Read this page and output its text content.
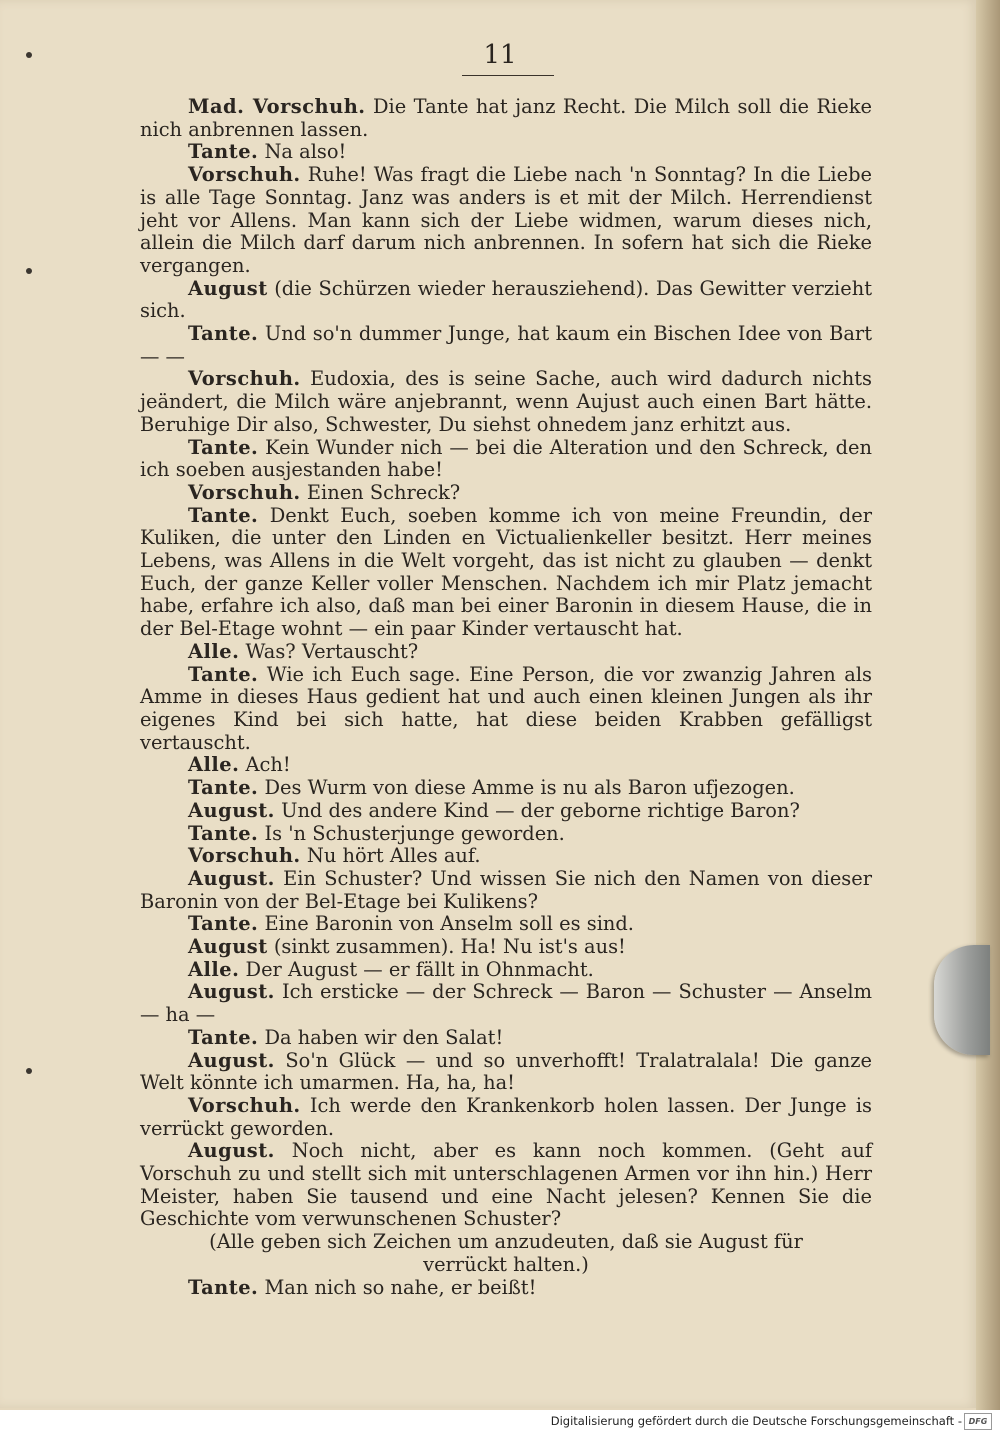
11

Mad. Vorschuh. Die Tante hat janz Recht. Die Milch soll die Rieke nich anbrennen lassen.

Tante. Na also!

Vorschuh. Ruhe! Was fragt die Liebe nach 'n Sonntag? In die Liebe is alle Tage Sonntag. Janz was anders is et mit der Milch. Herrendienst jeht vor Allens. Man kann sich der Liebe widmen, warum dieses nich, allein die Milch darf darum nich anbrennen. In sofern hat sich die Rieke vergangen.

August (die Schürzen wieder herausziehend). Das Gewitter verzieht sich.

Tante. Und so'n dummer Junge, hat kaum ein Bischen Idee von Bart — —

Vorschuh. Eudoxia, des is seine Sache, auch wird dadurch nichts jeändert, die Milch wäre anjebrannt, wenn Aujust auch einen Bart hätte. Beruhige Dir also, Schwester, Du siehst ohnedem janz erhitzt aus.

Tante. Kein Wunder nich — bei die Alteration und den Schreck, den ich soeben ausjestanden habe!

Vorschuh. Einen Schreck?

Tante. Denkt Euch, soeben komme ich von meine Freundin, der Kuliken, die unter den Linden en Victualienkeller besitzt. Herr meines Lebens, was Allens in die Welt vorgeht, das ist nicht zu glauben — denkt Euch, der ganze Keller voller Menschen. Nachdem ich mir Platz jemacht habe, erfahre ich also, daß man bei einer Baronin in diesem Hause, die in der Bel-Etage wohnt — ein paar Kinder vertauscht hat.

Alle. Was? Vertauscht?

Tante. Wie ich Euch sage. Eine Person, die vor zwanzig Jahren als Amme in dieses Haus gedient hat und auch einen kleinen Jungen als ihr eigenes Kind bei sich hatte, hat diese beiden Krabben gefälligst vertauscht.

Alle. Ach!

Tante. Des Wurm von diese Amme is nu als Baron ufjezogen.

August. Und des andere Kind — der geborne richtige Baron?

Tante. Is 'n Schusterjunge geworden.

Vorschuh. Nu hört Alles auf.

August. Ein Schuster? Und wissen Sie nich den Namen von dieser Baronin von der Bel-Etage bei Kulikens?

Tante. Eine Baronin von Anselm soll es sind.

August (sinkt zusammen). Ha! Nu ist's aus!

Alle. Der August — er fällt in Ohnmacht.

August. Ich ersticke — der Schreck — Baron — Schuster — Anselm — ha —

Tante. Da haben wir den Salat!

August. So'n Glück — und so unverhofft! Tralatralala! Die ganze Welt könnte ich umarmen. Ha, ha, ha!

Vorschuh. Ich werde den Krankenkorb holen lassen. Der Junge is verrückt geworden.

August. Noch nicht, aber es kann noch kommen. (Geht auf Vorschuh zu und stellt sich mit unterschlagenen Armen vor ihn hin.) Herr Meister, haben Sie tausend und eine Nacht jelesen? Kennen Sie die Geschichte vom verwunschenen Schuster?

(Alle geben sich Zeichen um anzudeuten, daß sie August für verrückt halten.)

Tante. Man nich so nahe, er beißt!

Digitalisierung gefördert durch die Deutsche Forschungsgemeinschaft - DFG
